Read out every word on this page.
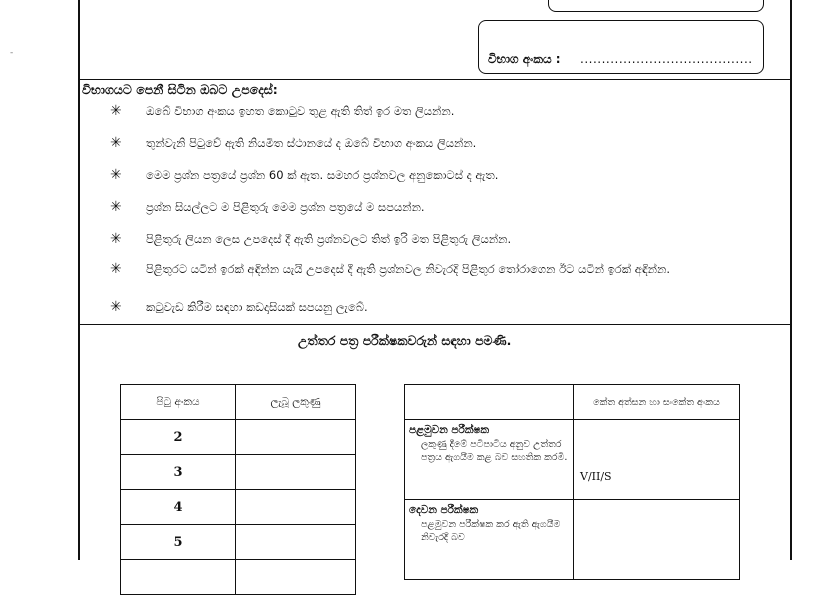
විභාග අංකය : ........................................
විභාගයට පෙනී සිටින ඔබට උපදෙස්:
✳ ඔබේ විභාග අංකය ඉහත කොටුව තුළ ඇති තිත් ඉර මත ලියන්න.
✳ තුන්වැනි පිටුවේ ඇති නියමිත ස්ථානයේ ද ඔබේ විභාග අංකය ලියන්න.
✳ මෙම ප්‍රශ්න පත්‍රයේ ප්‍රශ්න 60 ක් ඇත. සමහර ප්‍රශ්නවල අනුකොටස් ද ඇත.
✳ ප්‍රශ්න සියල්ලට ම පිළිතුරු මෙම ප්‍රශ්න පත්‍රයේ ම සපයන්න.
✳ පිළිතුරු ලියන ලෙස උපදෙස් දී ඇති ප්‍රශ්නවලට තිත් ඉරි මත පිළිතුරු ලියන්න.
✳ පිළිතුරට යටින් ඉරක් අඳින්න යැයි උපදෙස් දී ඇති ප්‍රශ්නවල නිවැරදි පිළිතුර තෝරාගෙන ඊට යටින් ඉරක් අඳින්න.
✳ කටුවැඩ කිරීම සඳහා කඩදාසියක් සපයනු ලැබේ.
උත්තර පත්‍ර පරීක්ෂකවරුන් සඳහා පමණි.
පිටු අංකය	ලැබූ ලකුණු
2	
3	
4	
5	

	කේත අත්සන හා සංකේත අංකය

පළමුවන පරීක්ෂක
ලකුණු දීමේ පටිපාටිය අනුව උත්තර පත්‍රය ඇගයීම කළ බව සහතික කරමි.	V/II/S

දෙවන පරීක්ෂක
පළමුවන පරීක්ෂක කර ඇති ඇගයීම නිවැරදි බව	

-
